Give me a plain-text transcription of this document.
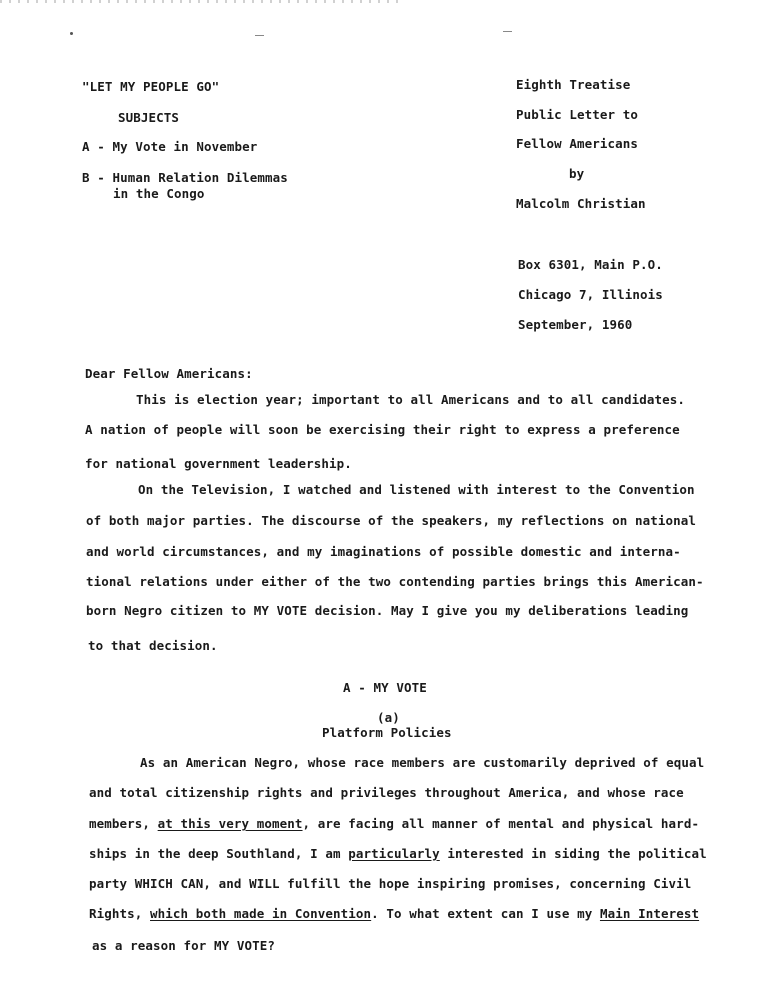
"LET MY PEOPLE GO"
SUBJECTS
A - My Vote in November
B - Human Relation Dilemmas
in the Congo
Eighth Treatise
Public Letter to
Fellow Americans
by
Malcolm Christian
Box 6301, Main P.O.
Chicago 7, Illinois
September, 1960
Dear Fellow Americans:
This is election year; important to all Americans and to all candidates.
A nation of people will soon be exercising their right to express a preference
for national government leadership.
On the Television, I watched and listened with interest to the Convention
of both major parties. The discourse of the speakers, my reflections on national
and world circumstances, and my imaginations of possible domestic and interna-
tional relations under either of the two contending parties brings this American-
born Negro citizen to MY VOTE decision. May I give you my deliberations leading
to that decision.
A - MY VOTE
(a)
Platform Policies
As an American Negro, whose race members are customarily deprived of equal
and total citizenship rights and privileges throughout America, and whose race
members, at this very moment, are facing all manner of mental and physical hard-
ships in the deep Southland, I am particularly interested in siding the political
party WHICH CAN, and WILL fulfill the hope inspiring promises, concerning Civil
Rights, which both made in Convention. To what extent can I use my Main Interest
as a reason for MY VOTE?
